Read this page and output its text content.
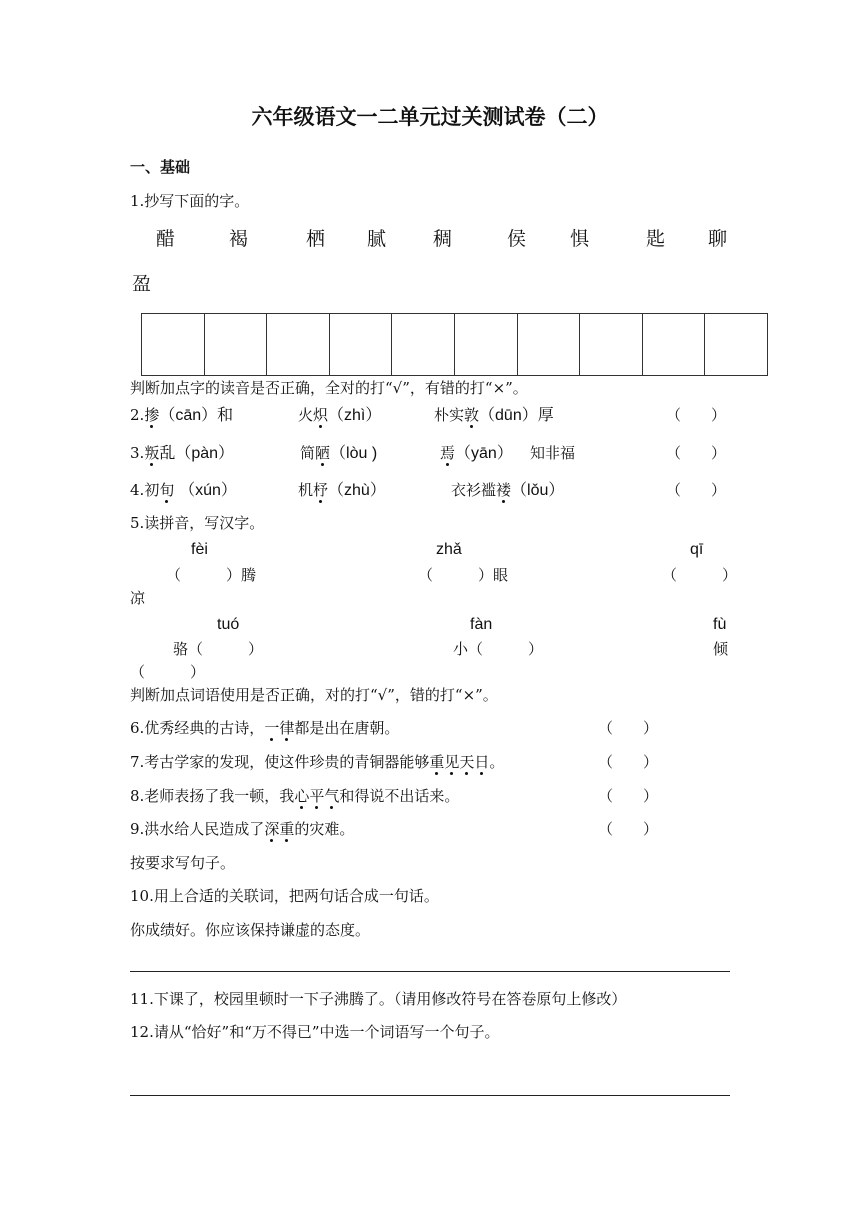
六年级语文一二单元过关测试卷（二）
一、基础
1.抄写下面的字。
醋	褐	栖 腻 稠	侯 惧	匙 聊
盈
判断加点字的读音是否正确，全对的打“√”，有错的打“×”。
2.掺（cān）和	火炽（zhì）	朴实敦（dūn）厚	（　　）
3.叛乱（pàn）	简陋（lòu )	焉（yān） 知非福	（　　）
4.初旬 （xún）	机杼（zhù）	衣衫褴褛（lǒu）	（　　）
5.读拼音，写汉字。
fèi	zhǎ	qī
（　　　）腾	（　　　）眼	（　　　）
凉
tuó	fàn	fù
骆（　　　）	小（　　　）	倾
（　　　）
判断加点词语使用是否正确，对的打“√”，错的打“×”。
6.优秀经典的古诗，一律都是出在唐朝。	（　　）
7.考古学家的发现，使这件珍贵的青铜器能够重见天日。	（　　）
8.老师表扬了我一顿，我心平气和得说不出话来。	（　　）
9.洪水给人民造成了深重的灾难。	（　　）
按要求写句子。
10.用上合适的关联词，把两句话合成一句话。
你成绩好。你应该保持谦虚的态度。
11.下课了，校园里顿时一下子沸腾了。（请用修改符号在答卷原句上修改）
12.请从“恰好”和“万不得已”中选一个词语写一个句子。
